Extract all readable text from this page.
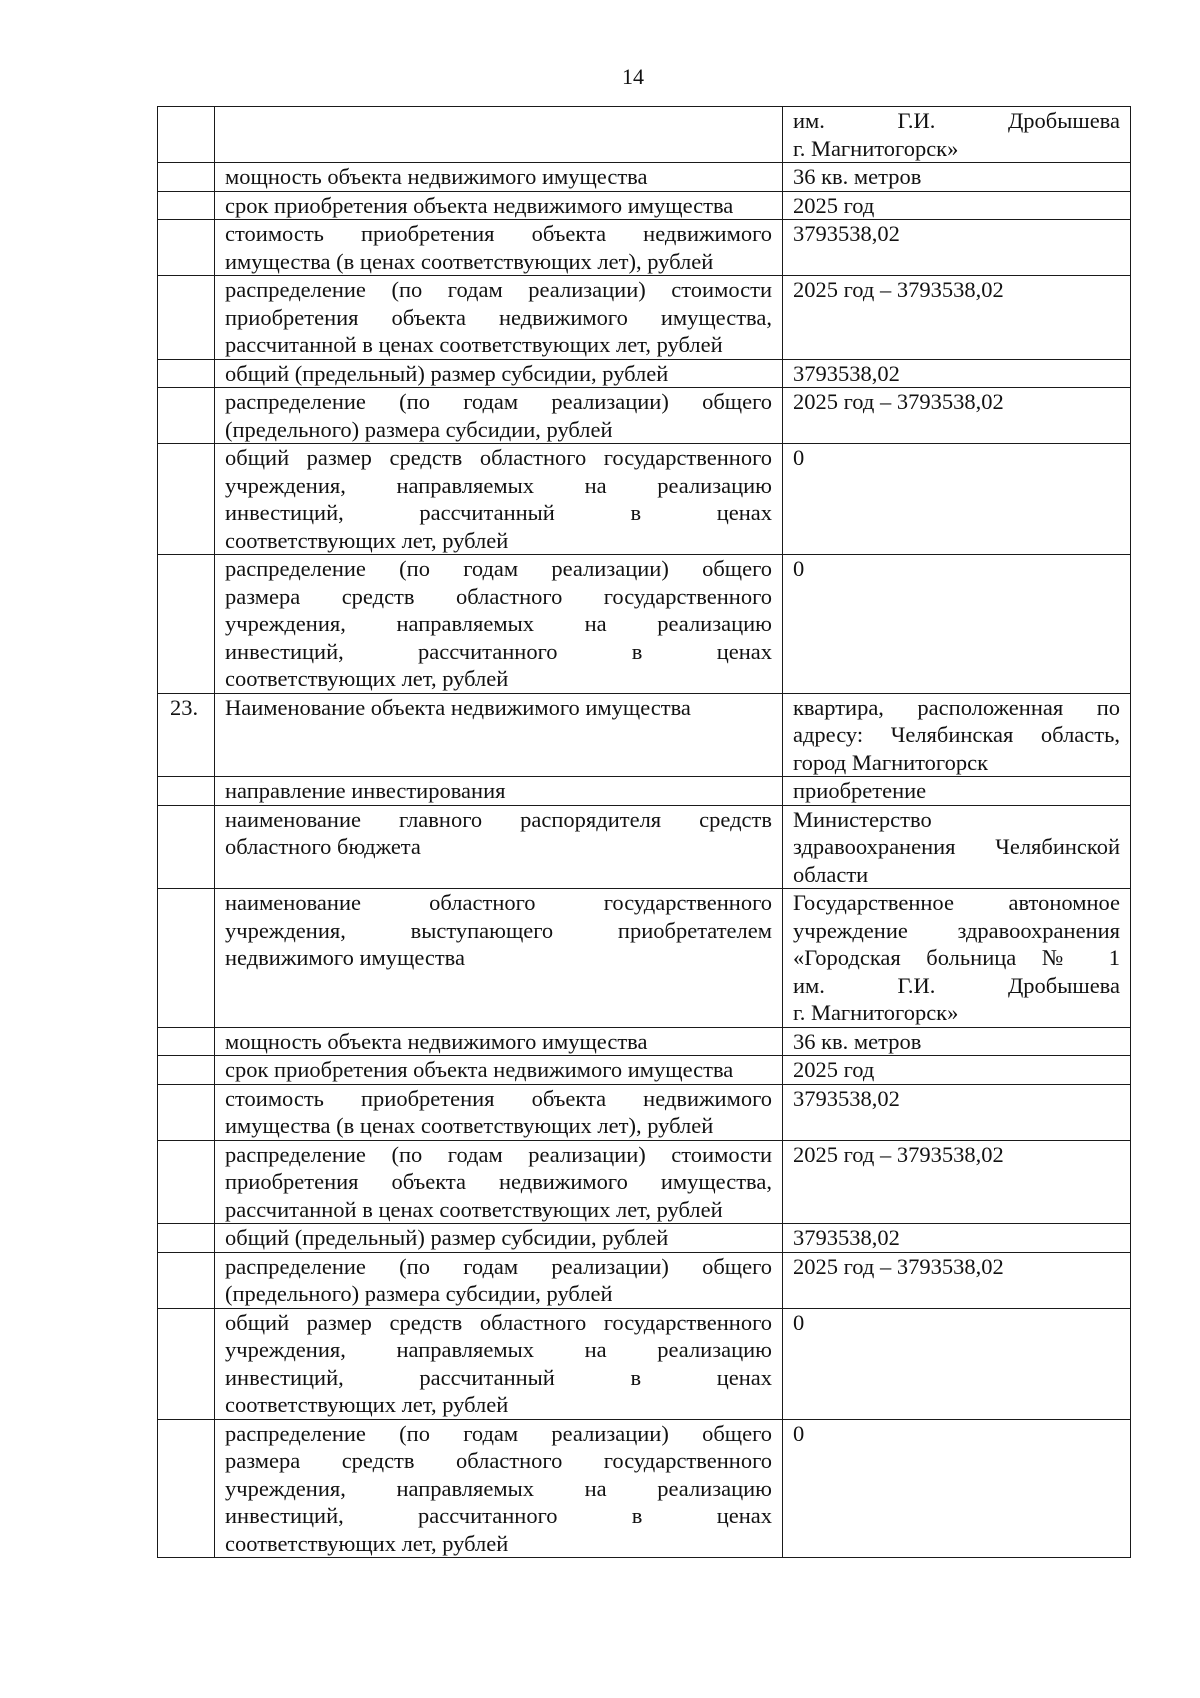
14

		им. Г.И. Дробышева
г. Магнитогорск»

	мощность объекта недвижимого имущества	36 кв. метров

	срок приобретения объекта недвижимого имущества	2025 год

	стоимость приобретения объекта недвижимого
имущества (в ценах соответствующих лет), рублей	3793538,02

	распределение (по годам реализации) стоимости
приобретения объекта недвижимого имущества,
рассчитанной в ценах соответствующих лет, рублей	2025 год – 3793538,02

	общий (предельный) размер субсидии, рублей	3793538,02

	распределение (по годам реализации) общего
(предельного) размера субсидии, рублей	2025 год – 3793538,02

	общий размер средств областного государственного
учреждения, направляемых на реализацию
инвестиций, рассчитанный в ценах
соответствующих лет, рублей	0

	распределение (по годам реализации) общего
размера средств областного государственного
учреждения, направляемых на реализацию
инвестиций, рассчитанного в ценах
соответствующих лет, рублей	0

23.	Наименование объекта недвижимого имущества	квартира, расположенная по
адресу: Челябинская область,
город Магнитогорск

	направление инвестирования	приобретение

	наименование главного распорядителя средств
областного бюджета	Министерство
здравоохранения Челябинской
области

	наименование областного государственного
учреждения, выступающего приобретателем
недвижимого имущества	Государственное автономное
учреждение здравоохранения
«Городская больница № 1
им. Г.И. Дробышева
г. Магнитогорск»

	мощность объекта недвижимого имущества	36 кв. метров

	срок приобретения объекта недвижимого имущества	2025 год

	стоимость приобретения объекта недвижимого
имущества (в ценах соответствующих лет), рублей	3793538,02

	распределение (по годам реализации) стоимости
приобретения объекта недвижимого имущества,
рассчитанной в ценах соответствующих лет, рублей	2025 год – 3793538,02

	общий (предельный) размер субсидии, рублей	3793538,02

	распределение (по годам реализации) общего
(предельного) размера субсидии, рублей	2025 год – 3793538,02

	общий размер средств областного государственного
учреждения, направляемых на реализацию
инвестиций, рассчитанный в ценах
соответствующих лет, рублей	0

	распределение (по годам реализации) общего
размера средств областного государственного
учреждения, направляемых на реализацию
инвестиций, рассчитанного в ценах
соответствующих лет, рублей	0
